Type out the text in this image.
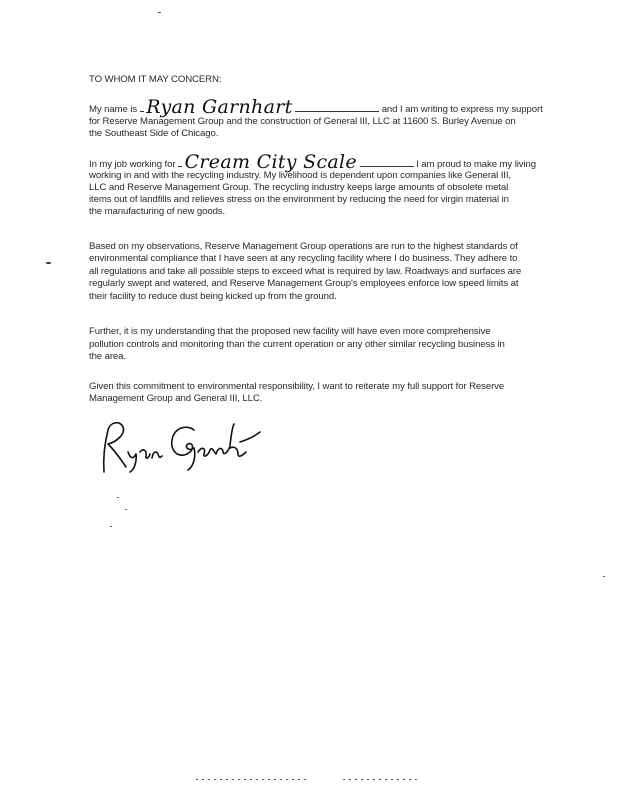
TO WHOM IT MAY CONCERN:
My name is Ryan Garnhart	and I am writing to express my support
for Reserve Management Group and the construction of General III, LLC at 11600 S. Burley Avenue on
the Southeast Side of Chicago.
In my job working for Cream City Scale	I am proud to make my living
working in and with the recycling industry. My livelihood is dependent upon companies like General III,
LLC and Reserve Management Group. The recycling industry keeps large amounts of obsolete metal
items out of landfills and relieves stress on the environment by reducing the need for virgin material in
the manufacturing of new goods.
Based on my observations, Reserve Management Group operations are run to the highest standards of
environmental compliance that I have seen at any recycling facility where I do business. They adhere to
all regulations and take all possible steps to exceed what is required by law. Roadways and surfaces are
regularly swept and watered, and Reserve Management Group's employees enforce low speed limits at
their facility to reduce dust being kicked up from the ground.
Further, it is my understanding that the proposed new facility will have even more comprehensive
pollution controls and monitoring than the current operation or any other similar recycling business in
the area.
Given this commitment to environmental responsibility, I want to reiterate my full support for Reserve
Management Group and General III, LLC.
